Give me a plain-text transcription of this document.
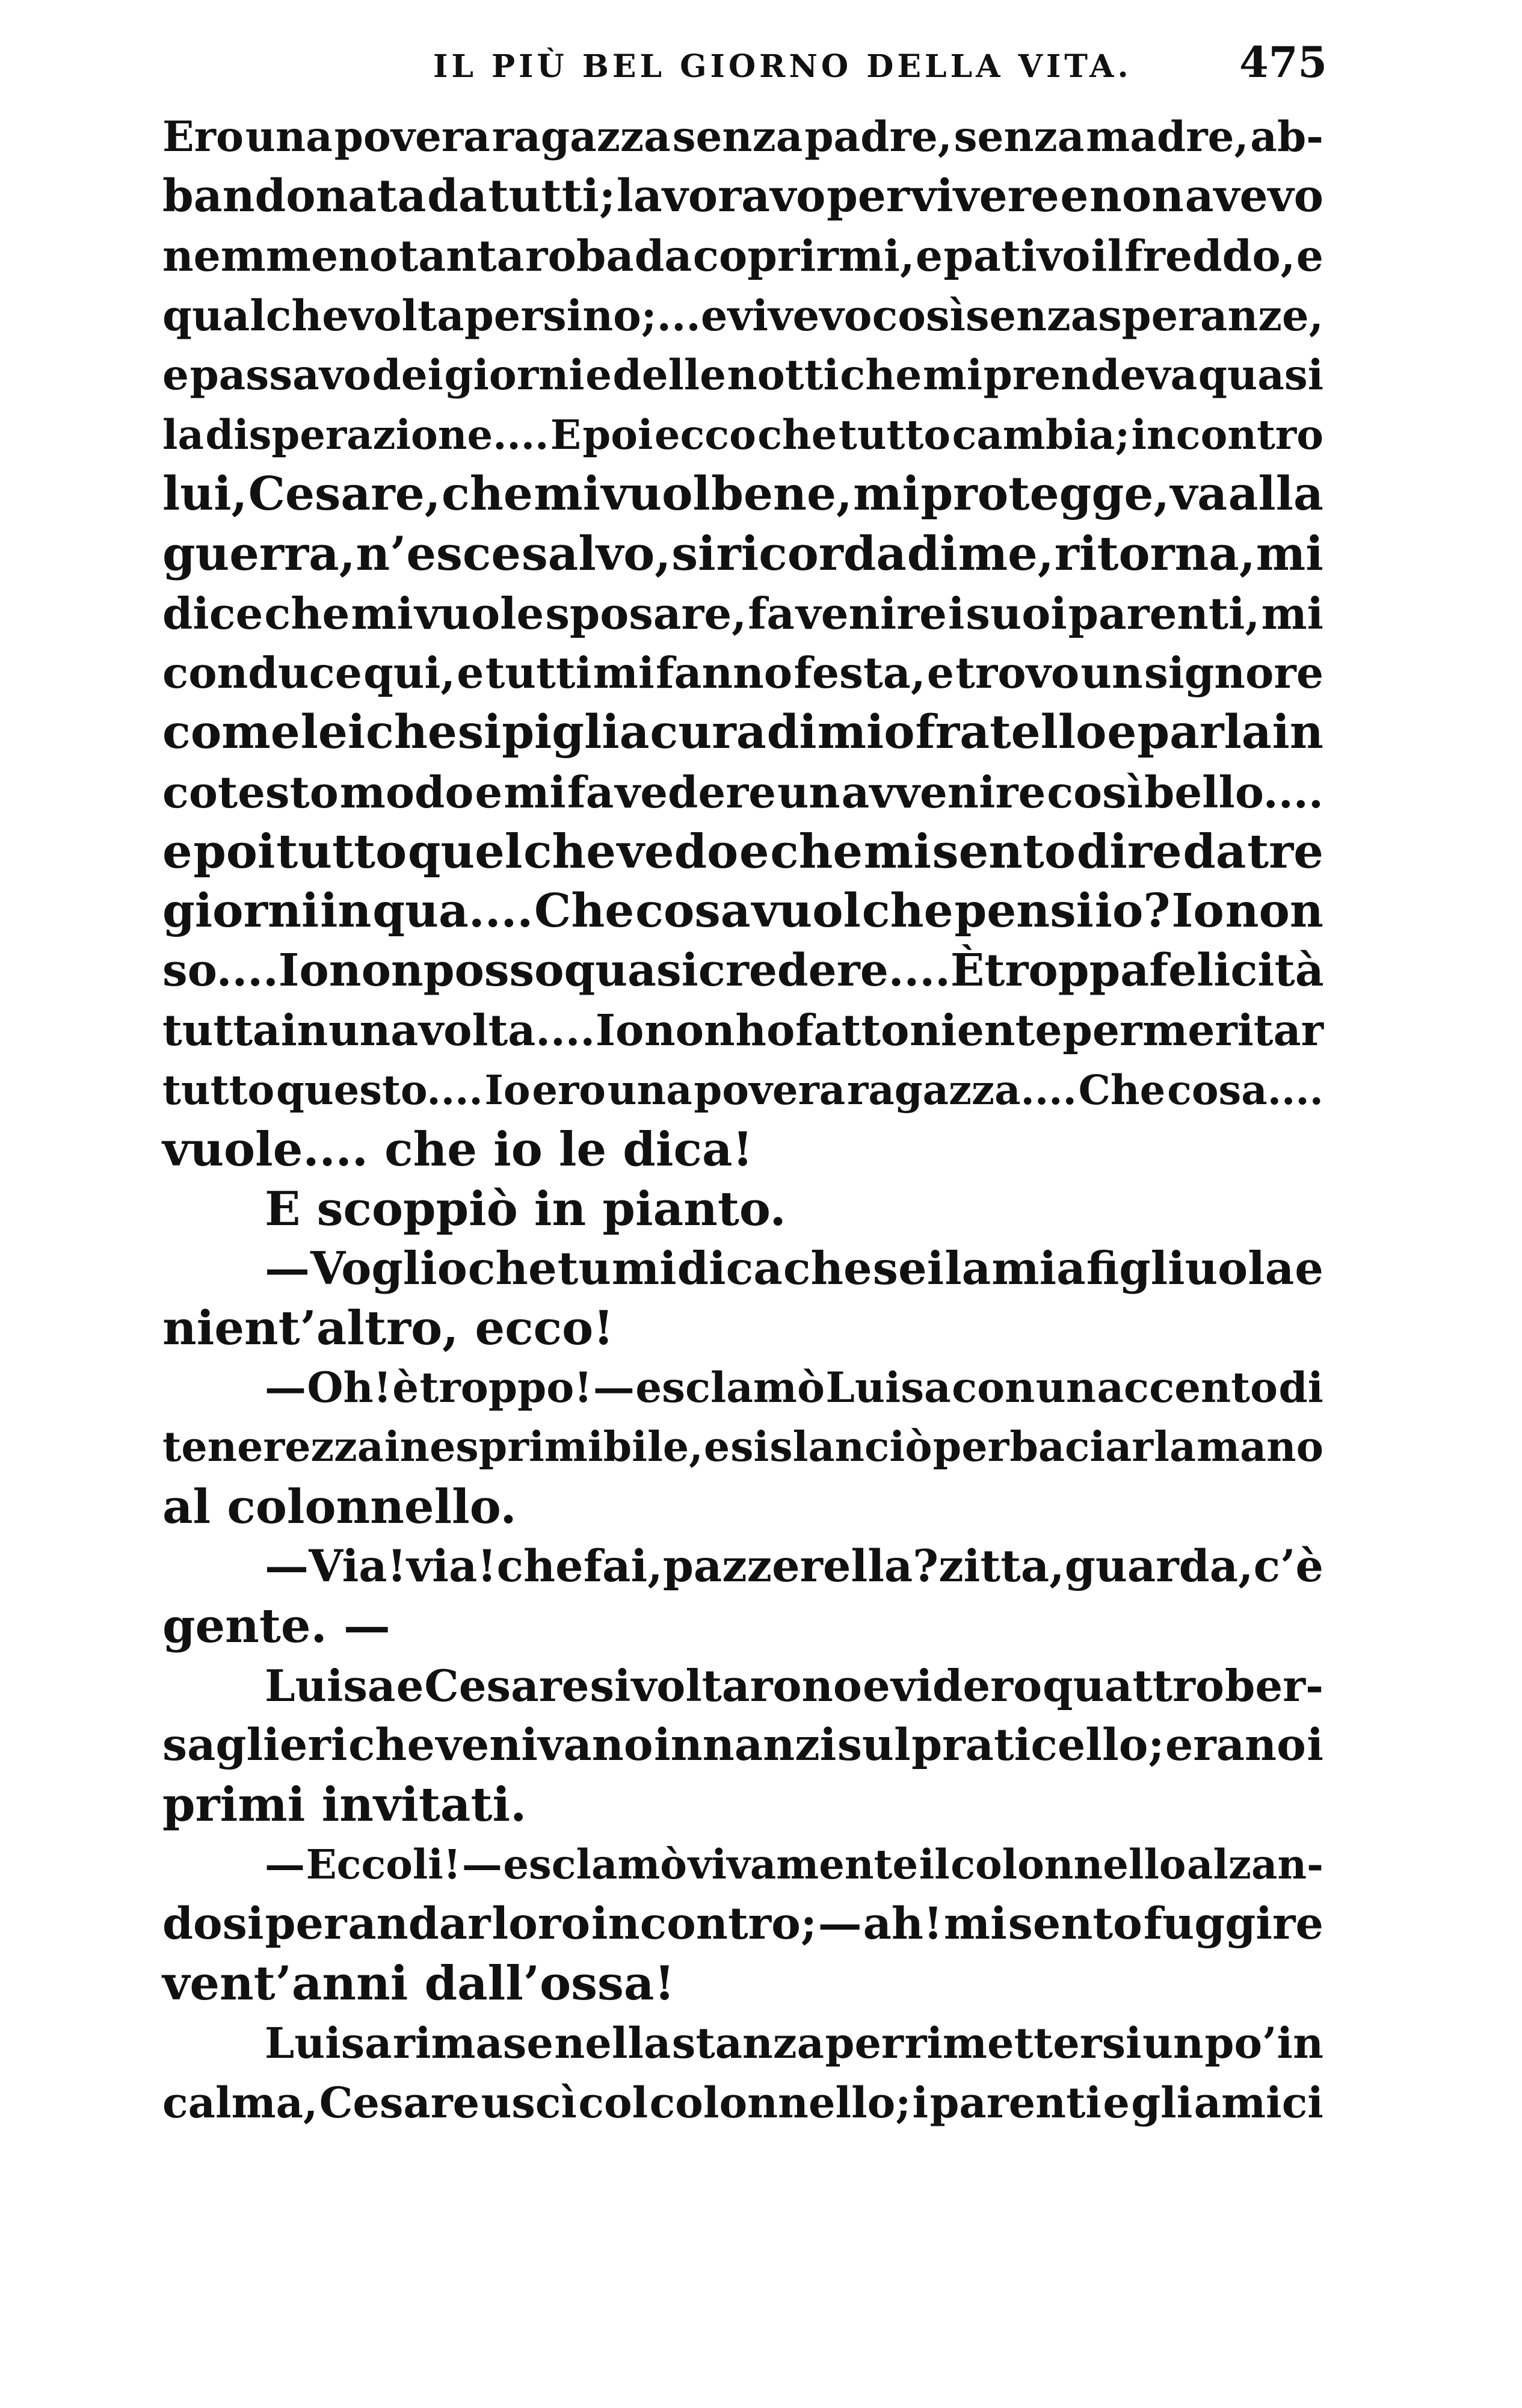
IL PIÙ BEL GIORNO DELLA VITA.	475
Ero una povera ragazza senza padre, senza madre, ab-
bandonata da tutti; lavoravo per vivere e non avevo
nemmeno tanta roba da coprirmi, e pativo il freddo, e
qualche volta persino;... e vivevo così senza speranze,
e passavo dei giorni e delle notti che mi prendeva quasi
la disperazione.... E poi ecco che tutto cambia; incontro
lui, Cesare, che mi vuol bene, mi protegge, va alla
guerra, n’esce salvo, si ricorda di me, ritorna, mi
dice che mi vuole sposare, fa venire i suoi parenti, mi
conduce qui, e tutti mi fanno festa, e trovo un signore
come lei che si piglia cura di mio fratello e parla in
cotesto modo e mi fa vedere un avvenire così bello....
e poi tutto quel che vedo e che mi sento dire da tre
giorni in qua.... Che cosa vuol che pensi io? Io non
so.... Io non posso quasi credere.... È troppa felicità
tutta in una volta.... Io non ho fatto niente per meritar
tutto questo.... Io ero una povera ragazza.... Che cosa....
vuole.... che io le dica!
E scoppiò in pianto.
— Voglio che tu mi dica che sei la mia figliuola e
nient’altro, ecco!
— Oh! è troppo! — esclamò Luisa con un accento di
tenerezza inesprimibile, e si slanciò per baciar la mano
al colonnello.
— Via! via! che fai, pazzerella? zitta, guarda, c’è
gente. —
Luisa e Cesare si voltarono e videro quattro ber-
saglieri che venivano innanzi sul praticello; erano i
primi invitati.
— Eccoli! — esclamò vivamente il colonnello alzan-
dosi per andar loro incontro; — ah! mi sento fuggire
vent’anni dall’ossa!
Luisa rimase nella stanza per rimettersi un po’in
calma, Cesare uscì col colonnello; i parenti e gli amici
